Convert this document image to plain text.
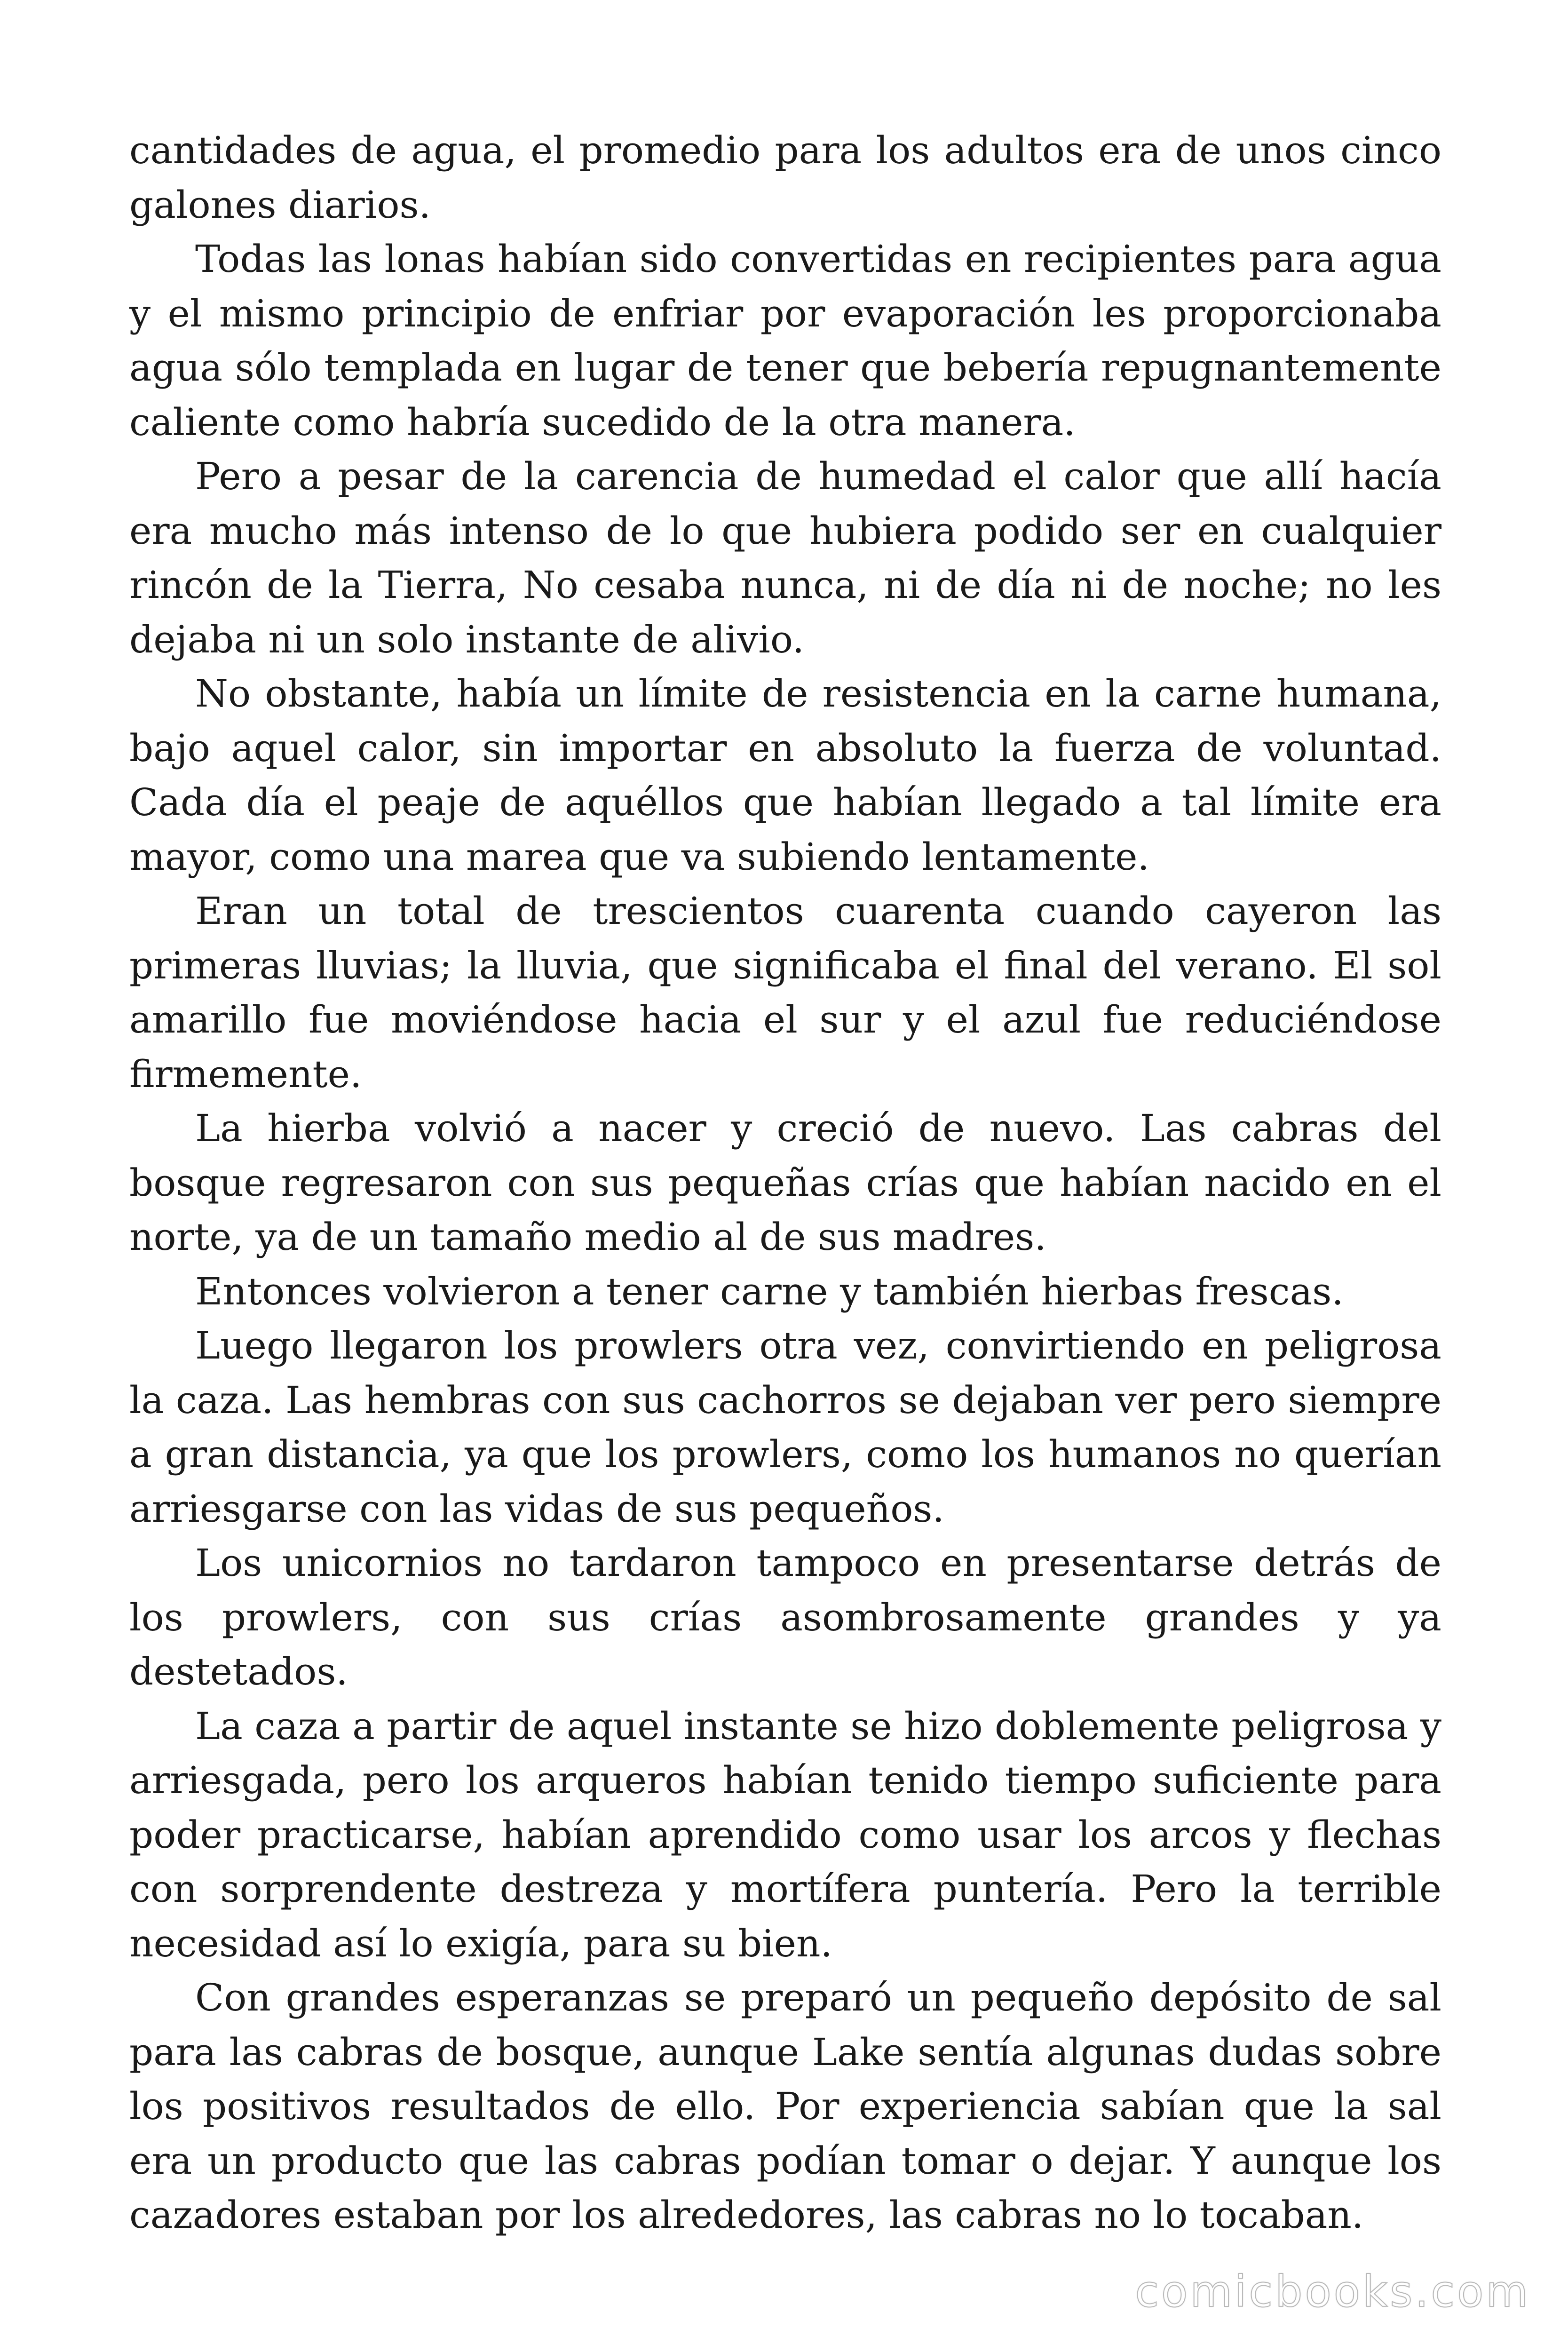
cantidades de agua, el promedio para los adultos era de unos cinco galones diarios.

Todas las lonas habían sido convertidas en recipientes para agua y el mismo principio de enfriar por evaporación les proporcionaba agua sólo templada en lugar de tener que bebería repugnantemente caliente como habría sucedido de la otra manera.

Pero a pesar de la carencia de humedad el calor que allí hacía era mucho más intenso de lo que hubiera podido ser en cualquier rincón de la Tierra, No cesaba nunca, ni de día ni de noche; no les dejaba ni un solo instante de alivio.

No obstante, había un límite de resistencia en la carne humana, bajo aquel calor, sin importar en absoluto la fuerza de voluntad. Cada día el peaje de aquéllos que habían llegado a tal límite era mayor, como una marea que va subiendo lentamente.

Eran un total de trescientos cuarenta cuando cayeron las primeras lluvias; la lluvia, que significaba el final del verano. El sol amarillo fue moviéndose hacia el sur y el azul fue reduciéndose firmemente.

La hierba volvió a nacer y creció de nuevo. Las cabras del bosque regresaron con sus pequeñas crías que habían nacido en el norte, ya de un tamaño medio al de sus madres.

Entonces volvieron a tener carne y también hierbas frescas.

Luego llegaron los prowlers otra vez, convirtiendo en peligrosa la caza. Las hembras con sus cachorros se dejaban ver pero siempre a gran distancia, ya que los prowlers, como los humanos no querían arriesgarse con las vidas de sus pequeños.

Los unicornios no tardaron tampoco en presentarse detrás de los prowlers, con sus crías asombrosamente grandes y ya destetados.

La caza a partir de aquel instante se hizo doblemente peligrosa y arriesgada, pero los arqueros habían tenido tiempo suficiente para poder practicarse, habían aprendido como usar los arcos y flechas con sorprendente destreza y mortífera puntería. Pero la terrible necesidad así lo exigía, para su bien.

Con grandes esperanzas se preparó un pequeño depósito de sal para las cabras de bosque, aunque Lake sentía algunas dudas sobre los positivos resultados de ello. Por experiencia sabían que la sal era un producto que las cabras podían tomar o dejar. Y aunque los cazadores estaban por los alrededores, las cabras no lo tocaban.

comicbooks.com
